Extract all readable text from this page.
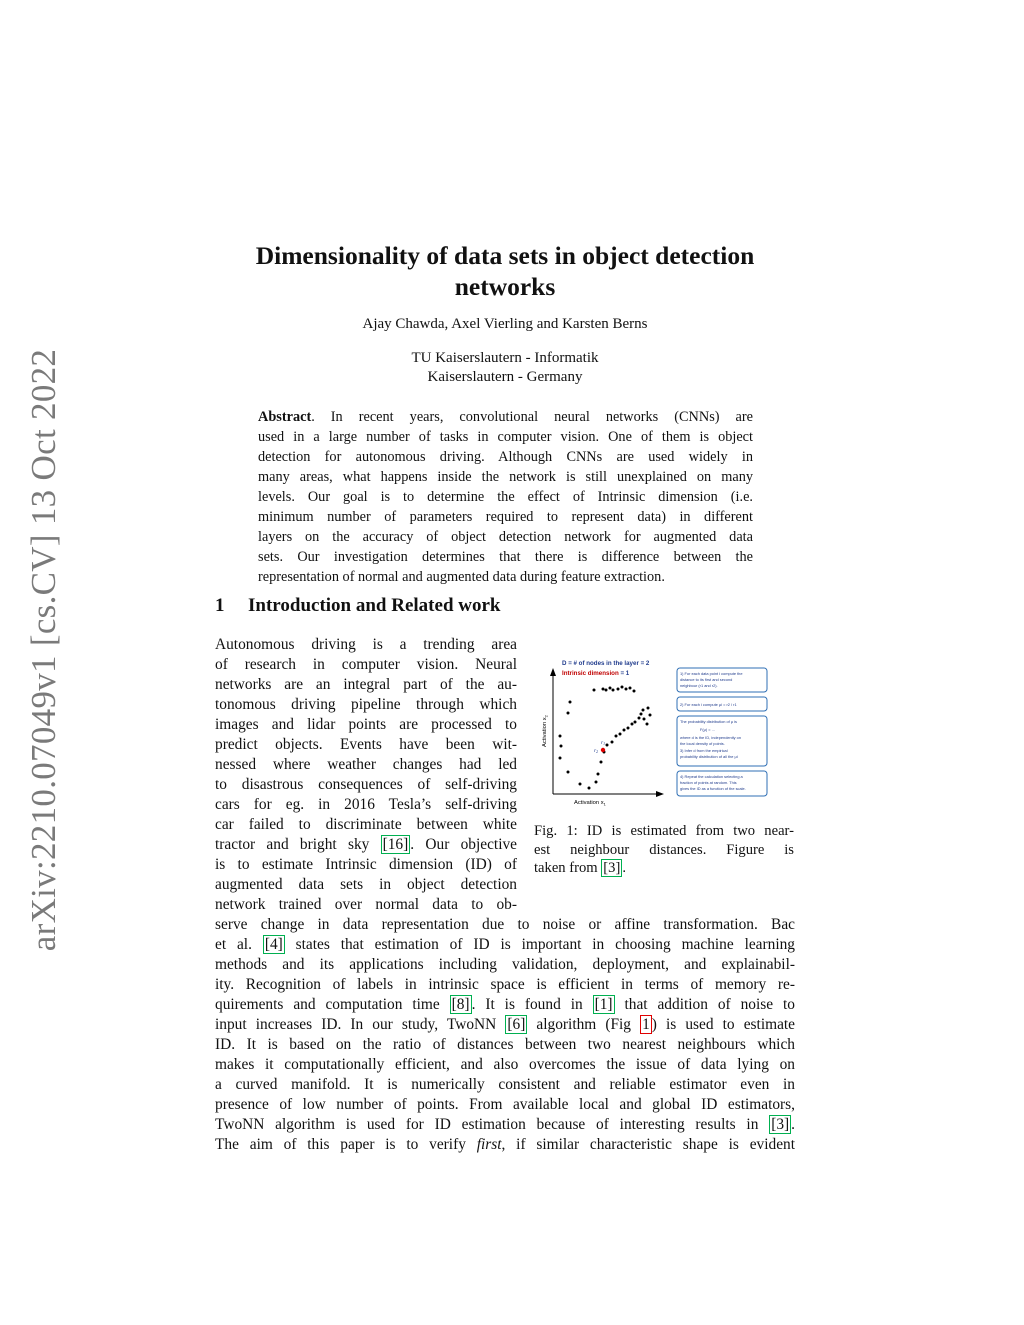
arXiv:2210.07049v1 [cs.CV] 13 Oct 2022
Dimensionality of data sets in object detection
networks
Ajay Chawda, Axel Vierling and Karsten Berns
TU Kaiserslautern - Informatik
Kaiserslautern - Germany
Abstract. In recent years, convolutional neural networks (CNNs) are
used in a large number of tasks in computer vision. One of them is object
detection for autonomous driving. Although CNNs are used widely in
many areas, what happens inside the network is still unexplained on many
levels. Our goal is to determine the effect of Intrinsic dimension (i.e.
minimum number of parameters required to represent data) in different
layers on the accuracy of object detection network for augmented data
sets. Our investigation determines that there is difference between the
representation of normal and augmented data during feature extraction.
1 Introduction and Related work
Autonomous driving is a trending area
of research in computer vision. Neural
networks are an integral part of the au-
tonomous driving pipeline through which
images and lidar points are processed to
predict objects. Events have been wit-
nessed where weather changes had led
to disastrous consequences of self-driving
cars for eg. in 2016 Tesla’s self-driving
car failed to discriminate between white
tractor and bright sky [16] . Our objective
is to estimate Intrinsic dimension (ID) of
augmented data sets in object detection
network trained over normal data to ob-
D = # of nodes in the layer = 2
Intrinsic dimension = 1
Activation $x_1$
Activation $x_2$
$r_1$
$r_2$
1) For each data point i compute the
distance to its first and second
neighbour (r1 and r2).
2) For each i compute μi = r2 / r1
The probability distribution of μ is
F(μ) = ...
where d is the ID, independently on
the local density of points.
3) Infer d from the empirical
probability distribution of all the μi
4) Repeat the calculation selecting a
fraction of points at random. This
gives the ID as a function of the scale.
Fig. 1: ID is estimated from two near-
est neighbour distances. Figure is
taken from [3] .
serve change in data representation due to noise or affine transformation. Bac
et al. [4] states that estimation of ID is important in choosing machine learning
methods and its applications including validation, deployment, and explainabil-
ity. Recognition of labels in intrinsic space is efficient in terms of memory re-
quirements and computation time [8] . It is found in [1] that addition of noise to
input increases ID. In our study, TwoNN [6] algorithm (Fig 1 ) is used to estimate
ID. It is based on the ratio of distances between two nearest neighbours which
makes it computationally efficient, and also overcomes the issue of data lying on
a curved manifold. It is numerically consistent and reliable estimator even in
presence of low number of points. From available local and global ID estimators,
TwoNN algorithm is used for ID estimation because of interesting results in [3] .
The aim of this paper is to verify first, if similar characteristic shape is evident
